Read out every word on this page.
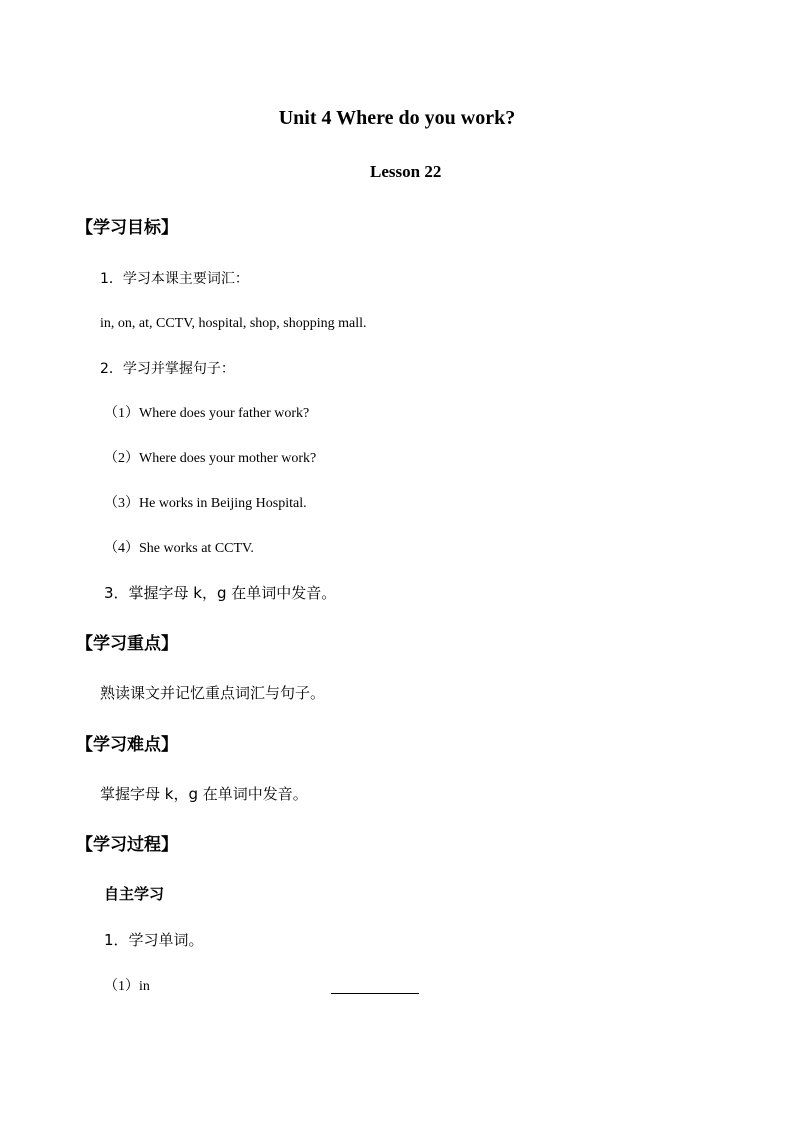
Unit 4 Where do you work?
Lesson 22
【学习目标】
1．学习本课主要词汇：
in, on, at, CCTV, hospital, shop, shopping mall.
2．学习并掌握句子：
（1）Where does your father work?
（2）Where does your mother work?
（3）He works in Beijing Hospital.
（4）She works at CCTV.
3．掌握字母 k，g 在单词中发音。
【学习重点】
熟读课文并记忆重点词汇与句子。
【学习难点】
掌握字母 k，g 在单词中发音。
【学习过程】
自主学习
1．学习单词。
（1）in
